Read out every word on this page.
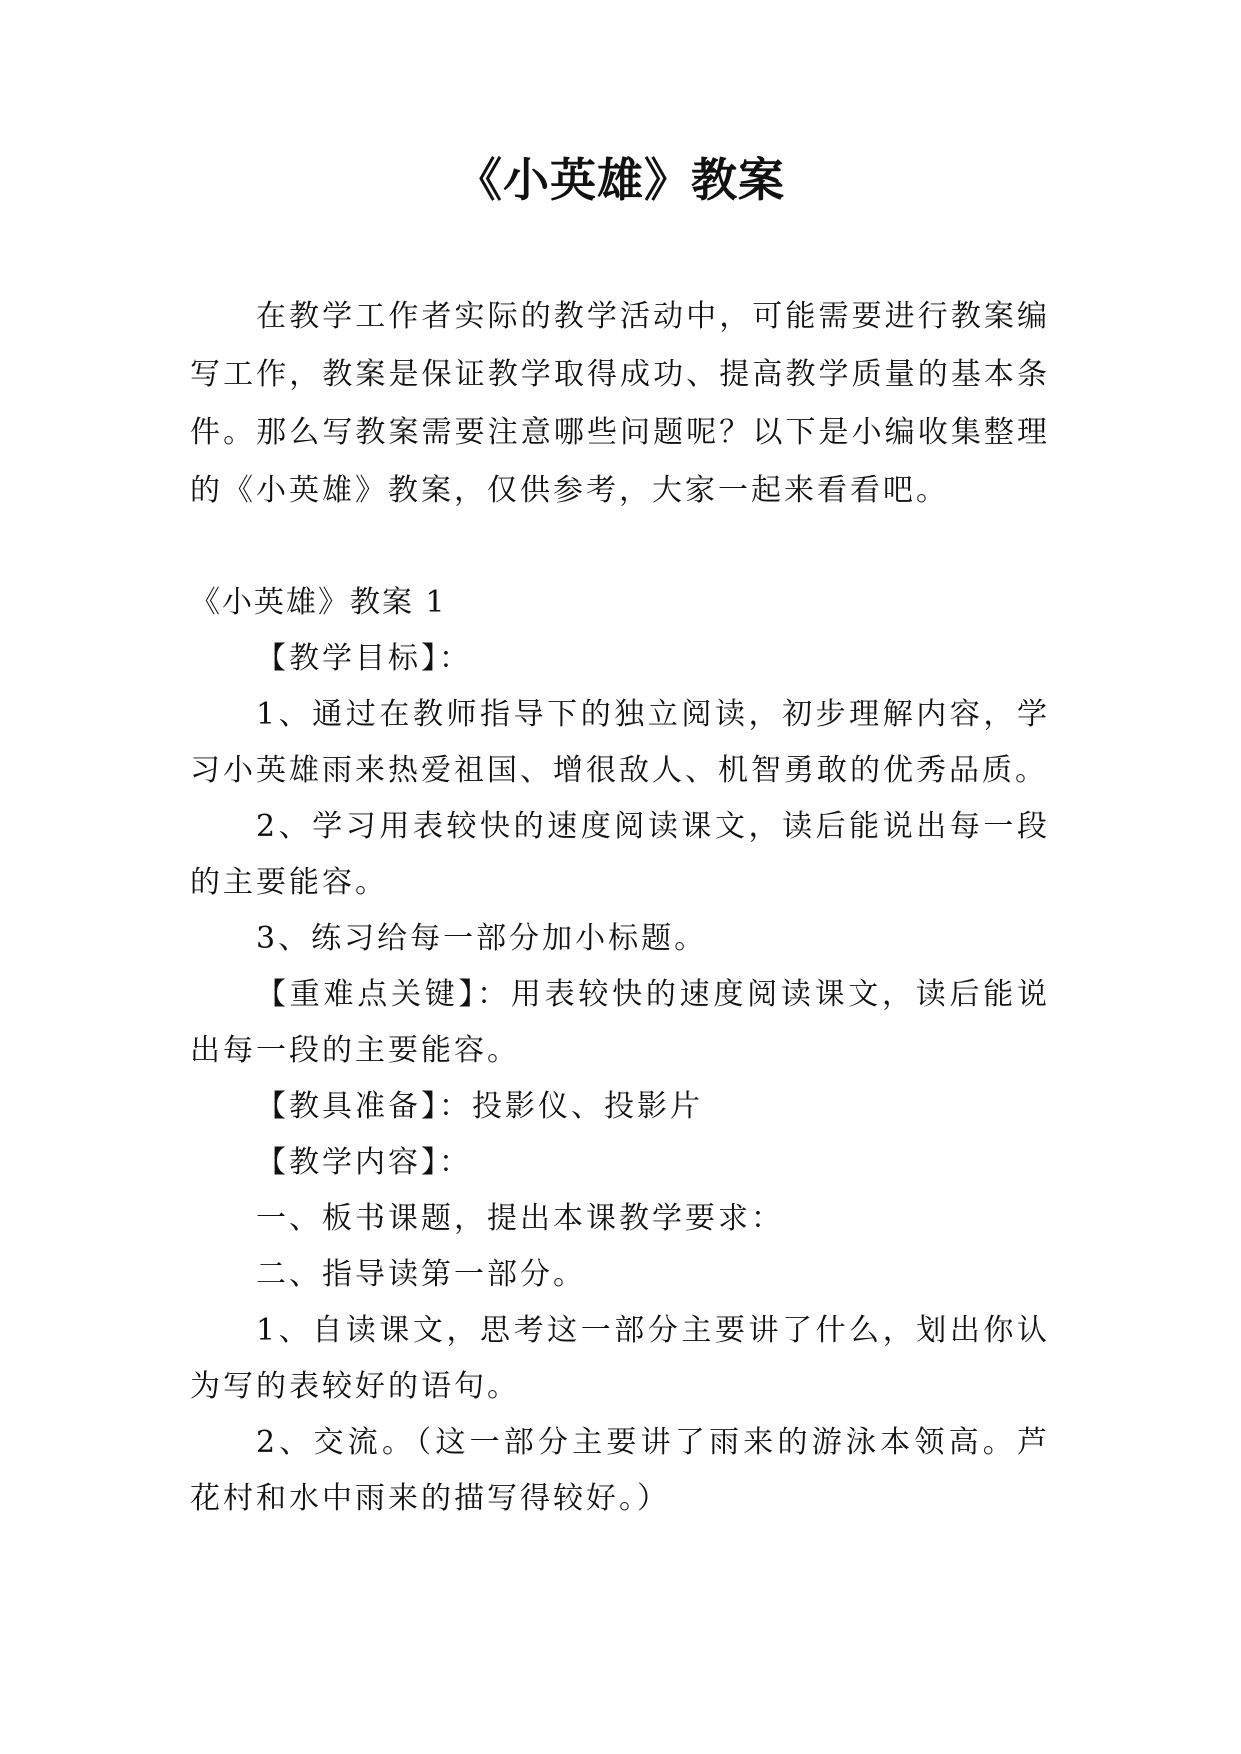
《小英雄》教案
在教学工作者实际的教学活动中，可能需要进行教案编写工作，教案是保证教学取得成功、提高教学质量的基本条件。那么写教案需要注意哪些问题呢？以下是小编收集整理的《小英雄》教案，仅供参考，大家一起来看看吧。

《小英雄》教案 1

【教学目标】：

1、通过在教师指导下的独立阅读，初步理解内容，学习小英雄雨来热爱祖国、增很敌人、机智勇敢的优秀品质。

2、学习用表较快的速度阅读课文，读后能说出每一段的主要能容。

3、练习给每一部分加小标题。

【重难点关键】：用表较快的速度阅读课文，读后能说出每一段的主要能容。

【教具准备】：投影仪、投影片

【教学内容】：

一、板书课题，提出本课教学要求：

二、指导读第一部分。

1、自读课文，思考这一部分主要讲了什么，划出你认为写的表较好的语句。

2、交流。（这一部分主要讲了雨来的游泳本领高。芦花村和水中雨来的描写得较好。）
